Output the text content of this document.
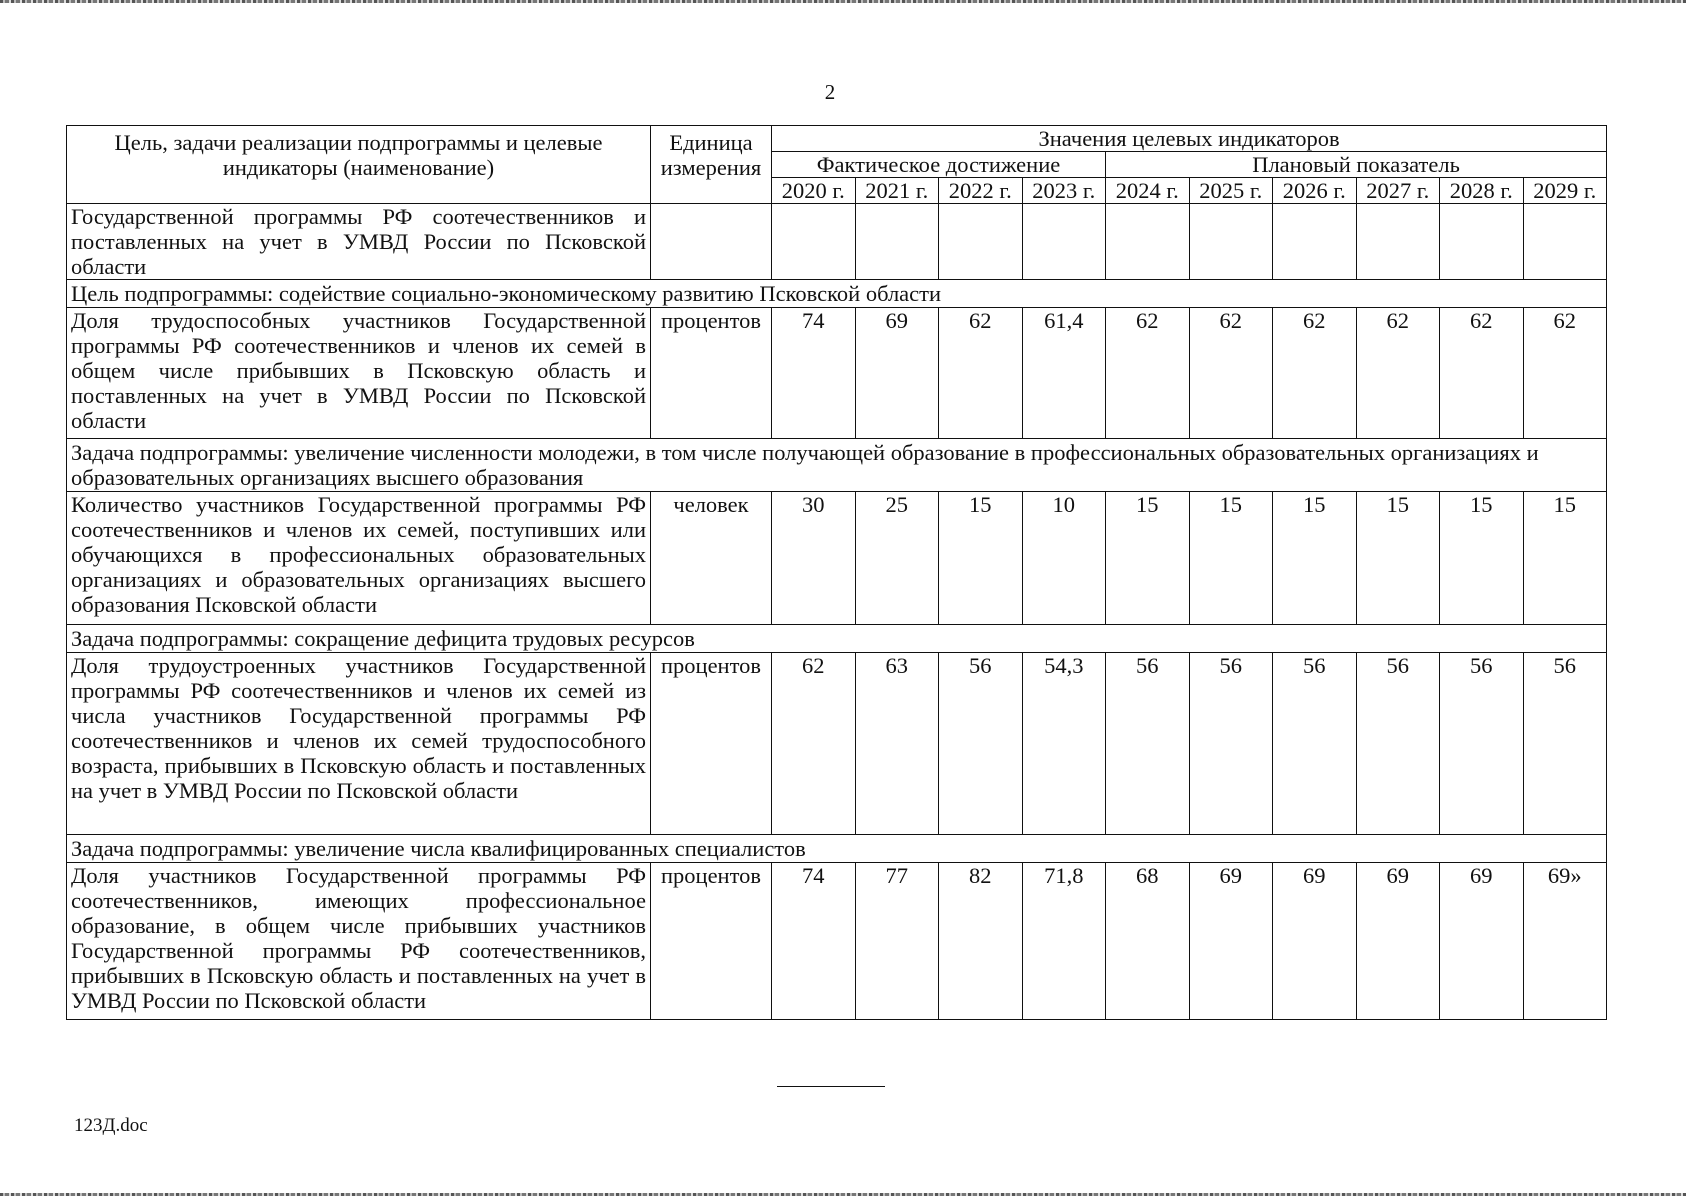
2
Цель, задачи реализации подпрограммы и целевые индикаторы (наименование)	Единица измерения	Значения целевых индикаторов									
		Фактическое достижение				Плановый показатель					
		2020 г.	2021 г.	2022 г.	2023 г.	2024 г.	2025 г.	2026 г.	2027 г.	2028 г.	2029 г.
Государственной программы РФ соотечественников и поставленных на учет в УМВД России по Псковской области											
Цель подпрограммы: содействие социально-экономическому развитию Псковской области											
Доля трудоспособных участников Государственной программы РФ соотечественников и членов их семей в общем числе прибывших в Псковскую область и поставленных на учет в УМВД России по Псковской области	процентов	74	69	62	61,4	62	62	62	62	62	62
Задача подпрограммы: увеличение численности молодежи, в том числе получающей образование в профессиональных образовательных организациях и образовательных организациях высшего образования											
Количество участников Государственной программы РФ соотечественников и членов их семей, поступивших или обучающихся в профессиональных образовательных организациях и образовательных организациях высшего образования Псковской области	человек	30	25	15	10	15	15	15	15	15	15
Задача подпрограммы: сокращение дефицита трудовых ресурсов											
Доля трудоустроенных участников Государственной программы РФ соотечественников и членов их семей из числа участников Государственной программы РФ соотечественников и членов их семей трудоспособного возраста, прибывших в Псковскую область и поставленных на учет в УМВД России по Псковской области	процентов	62	63	56	54,3	56	56	56	56	56	56
Задача подпрограммы: увеличение числа квалифицированных специалистов											
Доля участников Государственной программы РФ соотечественников, имеющих профессиональное образование, в общем числе прибывших участников Государственной программы РФ соотечественников, прибывших в Псковскую область и поставленных на учет в УМВД России по Псковской области	процентов	74	77	82	71,8	68	69	69	69	69	69»
123Д.doc
